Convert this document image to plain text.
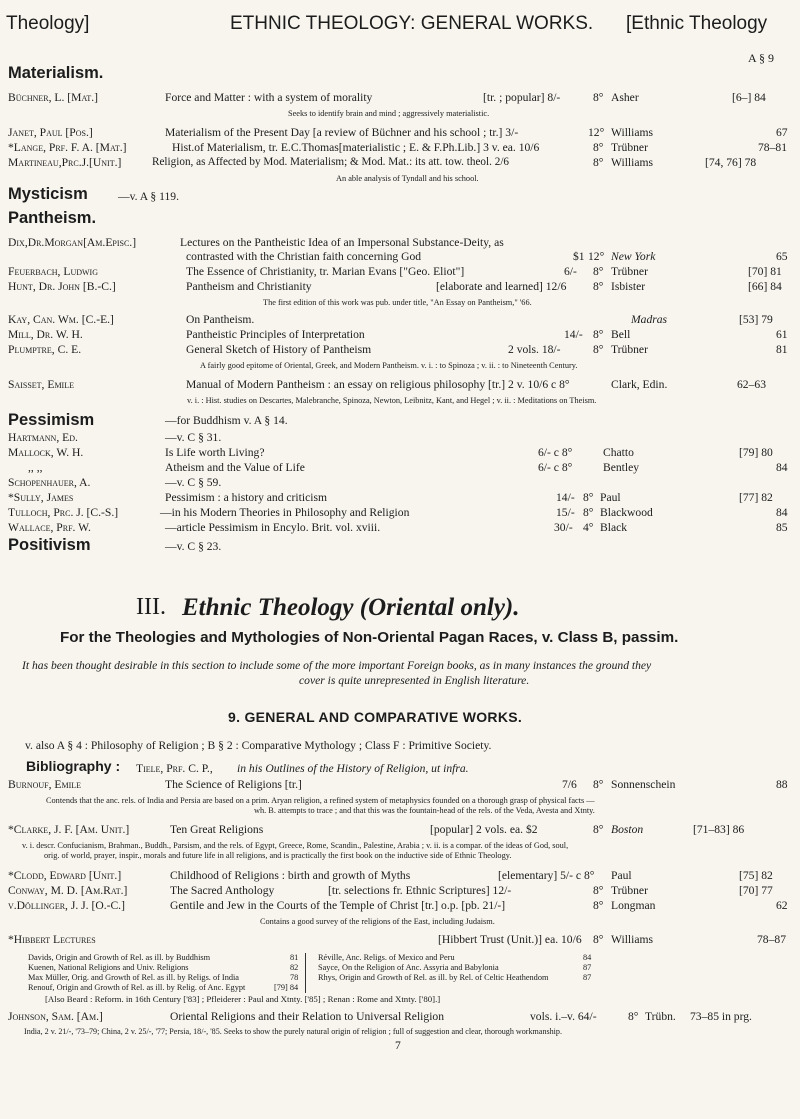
Theology]	ETHNIC THEOLOGY: GENERAL WORKS. [Ethnic Theology
A § 9
Materialism.
Büchner, L. [Mat.]	Force and Matter : with a system of morality	[tr. ; popular] 8/-	8° Asher	[6–] 84
Seeks to identify brain and mind ; aggressively materialistic.
Janet, Paul [Pos.]	Materialism of the Present Day [a review of Büchner and his school ; tr.] 3/-	12° Williams	67
*Lange, Prf. F. A. [Mat.]	Hist.of Materialism, tr. E.C.Thomas[materialistic ; E. & F.Ph.Lib.] 3 v. ea. 10/6	8° Trübner	78–81
Martineau,Prc.J.[Unit.]	Religion, as Affected by Mod. Materialism; & Mod. Mat.: its att. tow. theol. 2/6	8° Williams	[74, 76] 78
An able analysis of Tyndall and his school.
Mysticism	—v. A § 119.
Pantheism.
Dix,Dr.Morgan[Am.Episc.]	Lectures on the Pantheistic Idea of an Impersonal Substance-Deity, as
contrasted with the Christian faith concerning God	$1 12° New York	65
Feuerbach, Ludwig	The Essence of Christianity, tr. Marian Evans ["Geo. Eliot"]	6/- 8° Trübner	[70] 81
Hunt, Dr. John [B.-C.]	Pantheism and Christianity	[elaborate and learned] 12/6 8° Isbister	[66] 84
The first edition of this work was pub. under title, "An Essay on Pantheism," '66.
Kay, Can. Wm. [C.-E.]	On Pantheism.	Madras	[53] 79
Mill, Dr. W. H.	Pantheistic Principles of Interpretation	14/- 8° Bell	61
Plumptre, C. E.	General Sketch of History of Pantheism	2 vols. 18/-	8° Trübner	81
A fairly good epitome of Oriental, Greek, and Modern Pantheism. v. i. : to Spinoza ; v. ii. : to Nineteenth Century.
Saisset, Emile	Manual of Modern Pantheism : an essay on religious philosophy [tr.] 2 v. 10/6 c 8°	Clark, Edin.	62–63
v. i. : Hist. studies on Descartes, Malebranche, Spinoza, Newton, Leibnitz, Kant, and Hegel ; v. ii. : Meditations on Theism.
Pessimism	—for Buddhism v. A § 14.
Hartmann, Ed.	—v. C § 31.
Mallock, W. H.	Is Life worth Living?	6/- c 8°	Chatto	[79] 80
,, ,,	Atheism and the Value of Life	6/- c 8°	Bentley	84
Schopenhauer, A.	—v. C § 59.
*Sully, James	Pessimism : a history and criticism	14/- 8° Paul	[77] 82
Tulloch, Prc. J. [C.-S.]	—in his Modern Theories in Philosophy and Religion	15/- 8° Blackwood	84
Wallace, Prf. W.	—article Pessimism in Encylo. Brit. vol. xviii.	30/- 4° Black	85
Positivism	—v. C § 23.
III. Ethnic Theology (Oriental only).
For the Theologies and Mythologies of Non-Oriental Pagan Races, v. Class B, passim.
It has been thought desirable in this section to include some of the more important Foreign books, as in many instances the ground they
cover is quite unrepresented in English literature.
9. GENERAL AND COMPARATIVE WORKS.
v. also A § 4 : Philosophy of Religion ; B § 2 : Comparative Mythology ; Class F : Primitive Society.
Bibliography : Tiele, Prf. C. P., in his Outlines of the History of Religion, ut infra.
Burnouf, Emile	The Science of Religions [tr.]	7/6 8° Sonnenschein	88
Contends that the anc. rels. of India and Persia are based on a prim. Aryan religion, a refined system of metaphysics founded on a thorough grasp of physical facts —
wh. B. attempts to trace ; and that this was the fountain-head of the rels. of the Veda, Avesta and Xtnty.
*Clarke, J. F. [Am. Unit.]	Ten Great Religions	[popular] 2 vols. ea. $2	8° Boston	[71–83] 86
v. i. descr. Confucianism, Brahman., Buddh., Parsism, and the rels. of Egypt, Greece, Rome, Scandin., Palestine, Arabia ; v. ii. is a compar. of the ideas of God, soul,
orig. of world, prayer, inspir., morals and future life in all religions, and is practically the first book on the inductive side of Ethnic Theology.
*Clodd, Edward [Unit.]	Childhood of Religions : birth and growth of Myths	[elementary] 5/- c 8° Paul	[75] 82
Conway, M. D. [Am.Rat.]	The Sacred Anthology	[tr. selections fr. Ethnic Scriptures] 12/-	8° Trübner	[70] 77
v.Döllinger, J. J. [O.-C.]	Gentile and Jew in the Courts of the Temple of Christ [tr.] o.p. [pb. 21/-]	8° Longman	62
Contains a good survey of the religions of the East, including Judaism.
*Hibbert Lectures	[Hibbert Trust (Unit.)] ea. 10/6 8° Williams	78–87
Davids, Origin and Growth of Rel. as ill. by Buddhism	81
Kuenen, National Religions and Univ. Religions	82
Max Müller, Orig. and Growth of Rel. as ill. by Religs. of India	78
Renouf, Origin and Growth of Rel. as ill. by Relig. of Anc. Egypt	[79] 84
Réville, Anc. Religs. of Mexico and Peru	84
Sayce, On the Religion of Anc. Assyria and Babylonia	87
Rhys, Origin and Growth of Rel. as ill. by Rel. of Celtic Heathendom	87
[Also Beard : Reform. in 16th Century ['83] ; Pfleiderer : Paul and Xtnty. ['85] ; Renan : Rome and Xtnty. ['80].]
Johnson, Sam. [Am.]	Oriental Religions and their Relation to Universal Religion	vols. i.–v. 64/-	8° Trübn. 73–85 in prg.
India, 2 v. 21/-, '73–79; China, 2 v. 25/-, '77; Persia, 18/-, '85. Seeks to show the purely natural origin of religion ; full of suggestion and clear, thorough workmanship.
7
